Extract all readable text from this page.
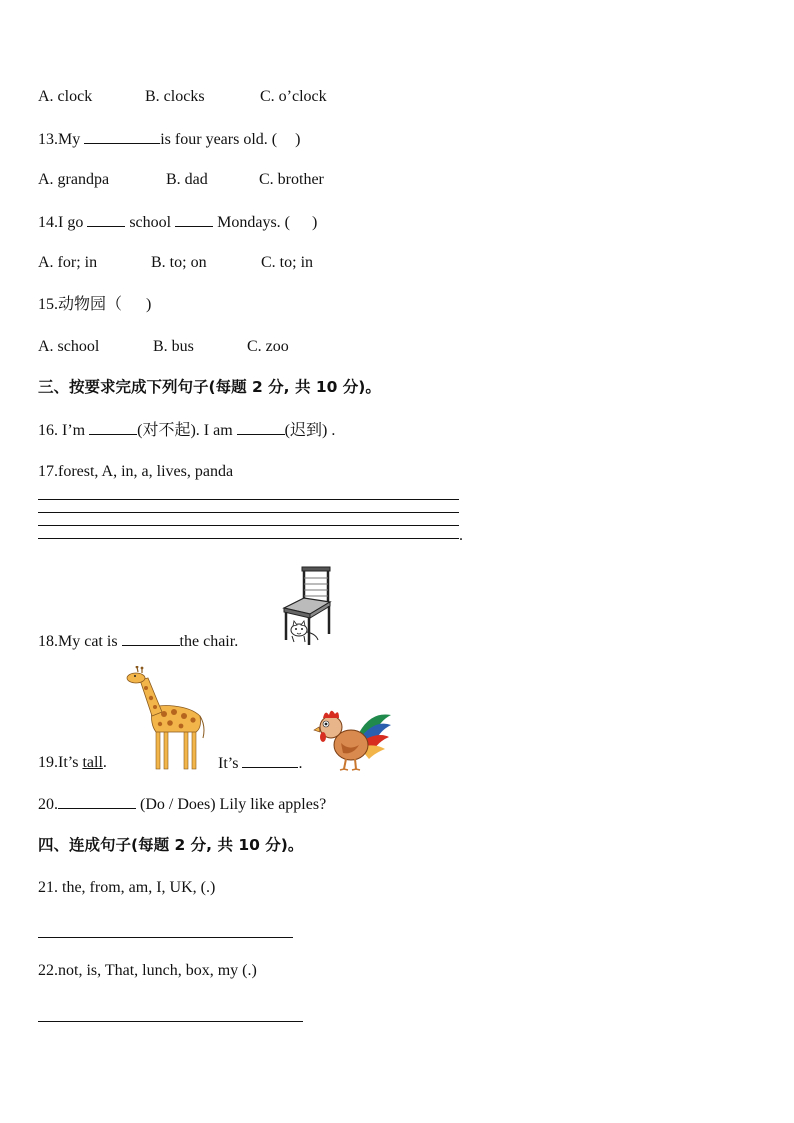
A. clock	B. clocks	C. o’clock
13.My	is four years old. ( )
A. grandpa	B. dad	C. brother
14.I go	school	Mondays. ( )
A. for; in	B. to; on	C. to; in
15.动物园（ )
A. school	B. bus	C. zoo
三、按要求完成下列句子(每题 2 分, 共 10 分)。
16. I’m	(对不起). I am	(迟到) .
17.forest, A, in, a, lives, panda
.
18.My cat is	the chair.
19.It’s tall.	It’s	.
20.	(Do / Does) Lily like apples?
四、连成句子(每题 2 分, 共 10 分)。
21. the, from, am, I, UK, (.)
22.not, is, That, lunch, box, my (.)
